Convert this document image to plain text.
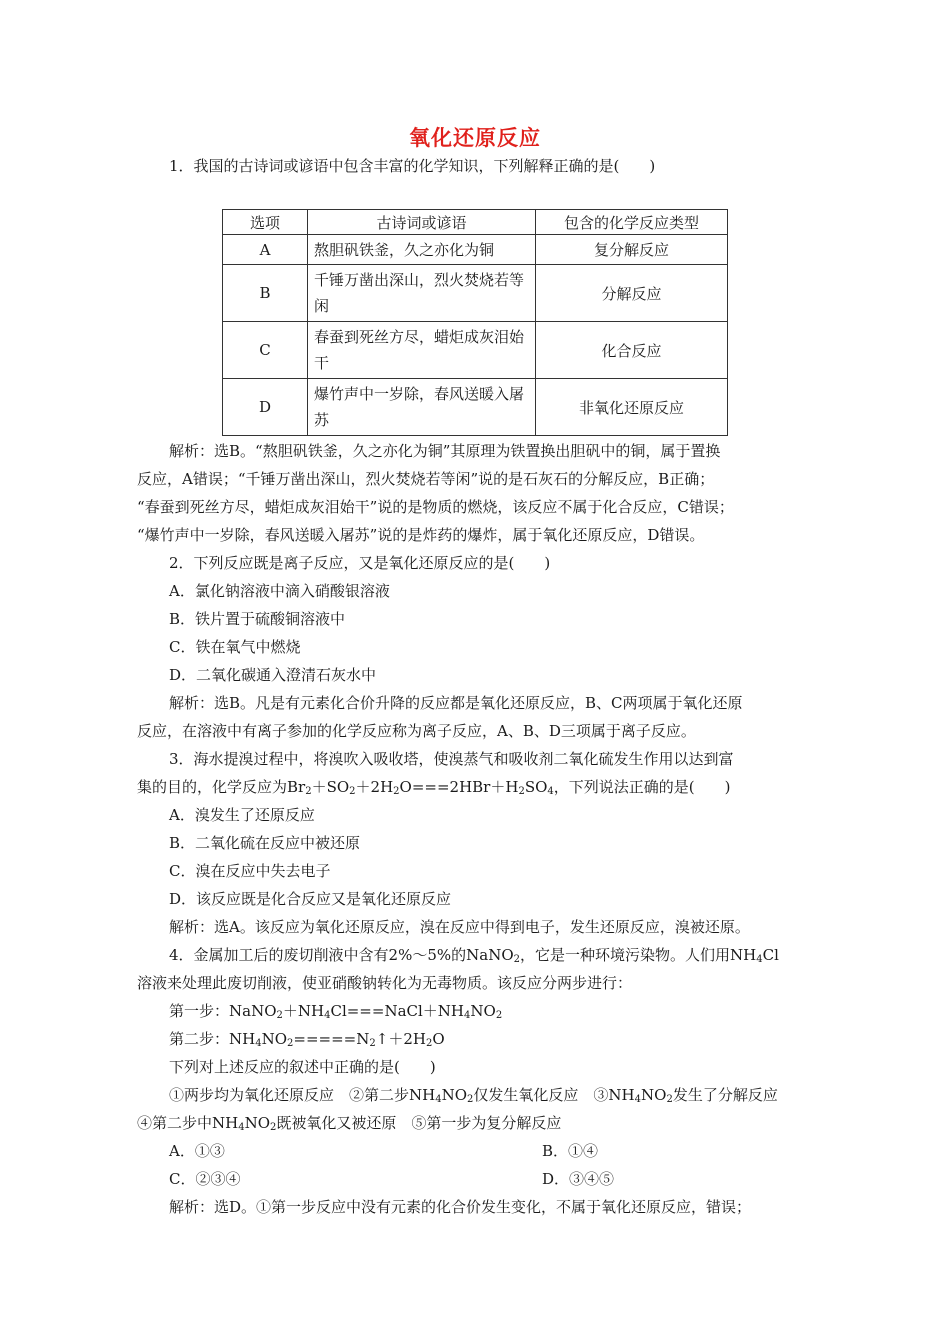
氧化还原反应
1．我国的古诗词或谚语中包含丰富的化学知识，下列解释正确的是(　　)
选项	古诗词或谚语	包含的化学反应类型
A	熬胆矾铁釜，久之亦化为铜	复分解反应
B	千锤万凿出深山，烈火焚烧若等闲	分解反应
C	春蚕到死丝方尽，蜡炬成灰泪始干	化合反应
D	爆竹声中一岁除，春风送暖入屠苏	非氧化还原反应
解析：选B。“熬胆矾铁釜，久之亦化为铜”其原理为铁置换出胆矾中的铜，属于置换
反应，A错误；“千锤万凿出深山，烈火焚烧若等闲”说的是石灰石的分解反应，B正确；
“春蚕到死丝方尽，蜡炬成灰泪始干”说的是物质的燃烧，该反应不属于化合反应，C错误；
“爆竹声中一岁除，春风送暖入屠苏”说的是炸药的爆炸，属于氧化还原反应，D错误。
2．下列反应既是离子反应，又是氧化还原反应的是(　　)
A．氯化钠溶液中滴入硝酸银溶液
B．铁片置于硫酸铜溶液中
C．铁在氧气中燃烧
D．二氧化碳通入澄清石灰水中
解析：选B。凡是有元素化合价升降的反应都是氧化还原反应，B、C两项属于氧化还原
反应，在溶液中有离子参加的化学反应称为离子反应，A、B、D三项属于离子反应。
3．海水提溴过程中，将溴吹入吸收塔，使溴蒸气和吸收剂二氧化硫发生作用以达到富
集的目的，化学反应为$Br_2+SO_2+2H_2O===2HBr+H_2SO_4$，下列说法正确的是(　　)
A．溴发生了还原反应
B．二氧化硫在反应中被还原
C．溴在反应中失去电子
D．该反应既是化合反应又是氧化还原反应
解析：选A。该反应为氧化还原反应，溴在反应中得到电子，发生还原反应，溴被还原。
4．金属加工后的废切削液中含有2%～5%的NaNO$_2$，它是一种环境污染物。人们用$NH_4Cl$
溶液来处理此废切削液，使亚硝酸钠转化为无毒物质。该反应分两步进行：
第一步：$NaNO_2+NH_4Cl===NaCl+NH_4NO_2$
第二步：$NH_4NO_2=====N_2↑+2H_2O$
下列对上述反应的叙述中正确的是(　　)
①两步均为氧化还原反应　②第二步$NH_4NO_2$仅发生氧化反应　$③NH_4NO_2$发生了分解反应
④第二步中$NH_4NO_2$既被氧化又被还原　⑤第一步为复分解反应
A．①③	B．①④
C．②③④	D．③④⑤
解析：选D。①第一步反应中没有元素的化合价发生变化，不属于氧化还原反应，错误；
